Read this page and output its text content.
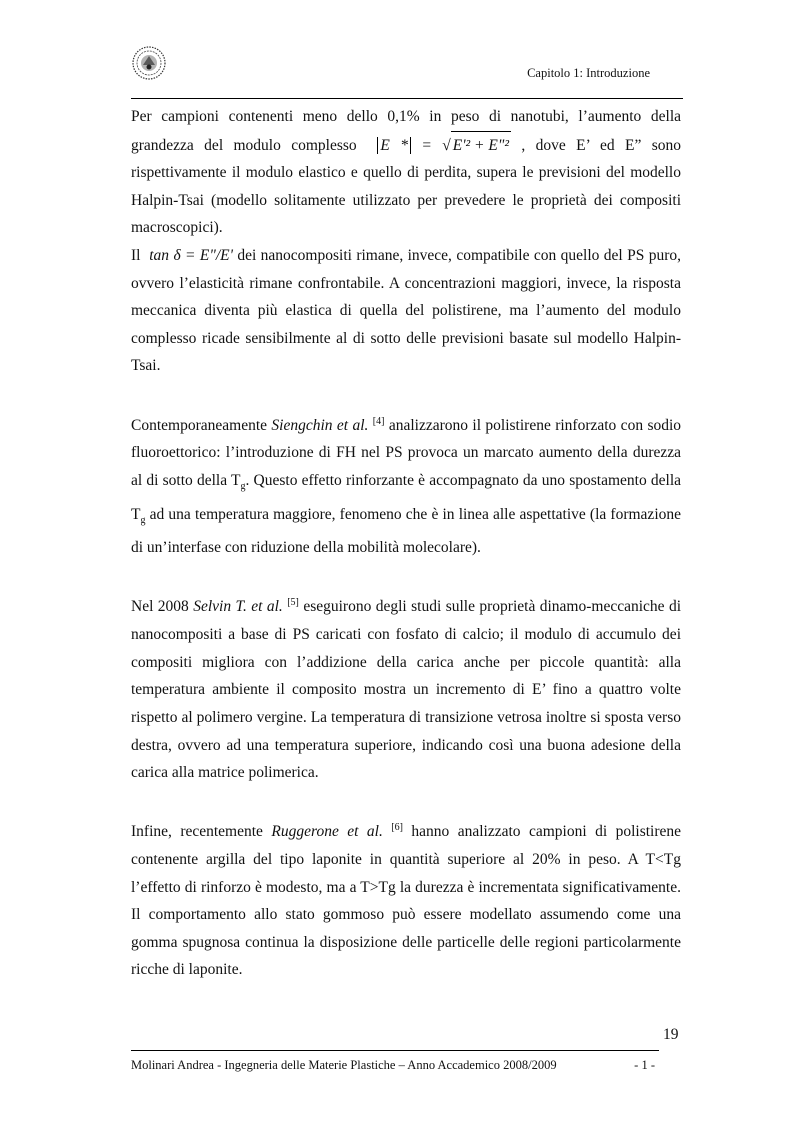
Capitolo 1: Introduzione

Per campioni contenenti meno dello 0,1% in peso di nanotubi, l’aumento della grandezza del modulo complesso E * = √ E'² + E"² , dove E’ ed E” sono rispettivamente il modulo elastico e quello di perdita, supera le previsioni del modello Halpin-Tsai (modello solitamente utilizzato per prevedere le proprietà dei compositi macroscopici).

Il tan δ = E"/E' dei nanocompositi rimane, invece, compatibile con quello del PS puro, ovvero l’elasticità rimane confrontabile. A concentrazioni maggiori, invece, la risposta meccanica diventa più elastica di quella del polistirene, ma l’aumento del modulo complesso ricade sensibilmente al di sotto delle previsioni basate sul modello Halpin-Tsai.

Contemporaneamente Siengchin et al. [4] analizzarono il polistirene rinforzato con sodio fluoroettorico: l’introduzione di FH nel PS provoca un marcato aumento della durezza al di sotto della $T_g$. Questo effetto rinforzante è accompagnato da uno spostamento della $T_g$ ad una temperatura maggiore, fenomeno che è in linea alle aspettative (la formazione di un’interfase con riduzione della mobilità molecolare).

Nel 2008 Selvin T. et al. [5] eseguirono degli studi sulle proprietà dinamo-meccaniche di nanocompositi a base di PS caricati con fosfato di calcio; il modulo di accumulo dei compositi migliora con l’addizione della carica anche per piccole quantità: alla temperatura ambiente il composito mostra un incremento di E’ fino a quattro volte rispetto al polimero vergine. La temperatura di transizione vetrosa inoltre si sposta verso destra, ovvero ad una temperatura superiore, indicando così una buona adesione della carica alla matrice polimerica.

Infine, recentemente Ruggerone et al. [6] hanno analizzato campioni di polistirene contenente argilla del tipo laponite in quantità superiore al 20% in peso. A T<Tg l’effetto di rinforzo è modesto, ma a T>Tg la durezza è incrementata significativamente. Il comportamento allo stato gommoso può essere modellato assumendo come una gomma spugnosa continua la disposizione delle particelle delle regioni particolarmente ricche di laponite.

19
Molinari Andrea - Ingegneria delle Materie Plastiche – Anno Accademico 2008/2009	- 1 -
